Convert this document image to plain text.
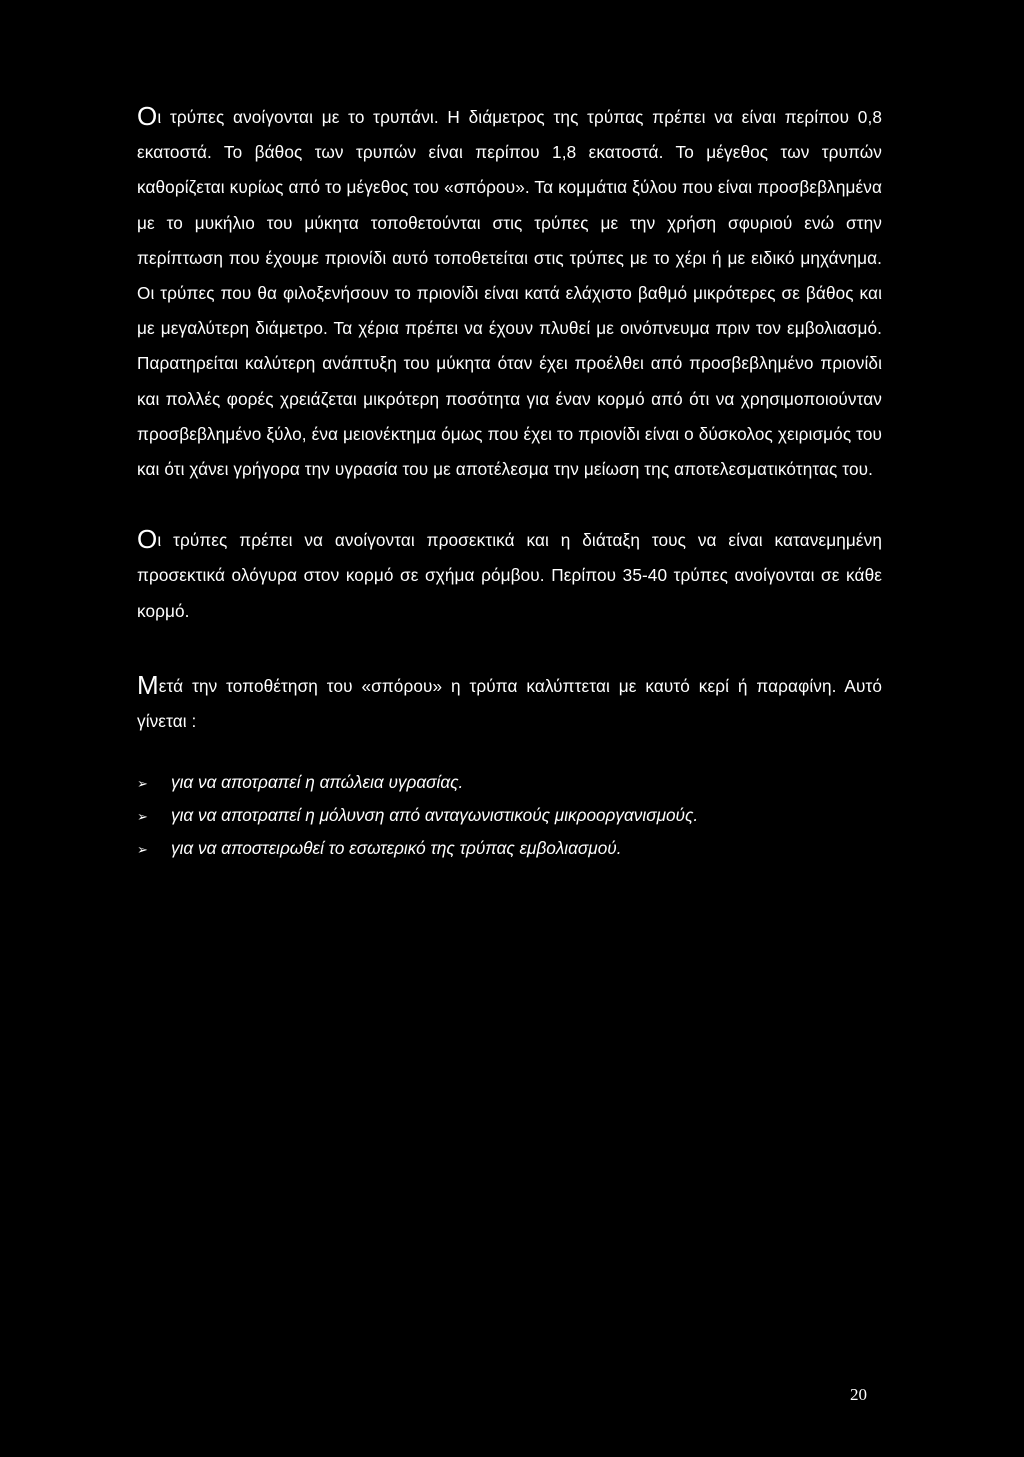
Οι τρύπες ανοίγονται με το τρυπάνι. Η διάμετρος της τρύπας πρέπει να είναι περίπου 0,8 εκατοστά. Το βάθος των τρυπών είναι περίπου 1,8 εκατοστά. Το μέγεθος των τρυπών καθορίζεται κυρίως από το μέγεθος του «σπόρου». Τα κομμάτια ξύλου που είναι προσβεβλημένα με το μυκήλιο του μύκητα τοποθετούνται στις τρύπες με την χρήση σφυριού ενώ στην περίπτωση που έχουμε πριονίδι αυτό τοποθετείται στις τρύπες με το χέρι ή με ειδικό μηχάνημα. Οι τρύπες που θα φιλοξενήσουν το πριονίδι είναι κατά ελάχιστο βαθμό μικρότερες σε βάθος και με μεγαλύτερη διάμετρο. Τα χέρια πρέπει να έχουν πλυθεί με οινόπνευμα πριν τον εμβολιασμό. Παρατηρείται καλύτερη ανάπτυξη του μύκητα όταν έχει προέλθει από προσβεβλημένο πριονίδι και πολλές φορές χρειάζεται μικρότερη ποσότητα για έναν κορμό από ότι να χρησιμοποιούνταν προσβεβλημένο ξύλο, ένα μειονέκτημα όμως που έχει το πριονίδι είναι ο δύσκολος χειρισμός του και ότι χάνει γρήγορα την υγρασία του με αποτέλεσμα την μείωση της αποτελεσματικότητας του.

Οι τρύπες πρέπει να ανοίγονται προσεκτικά και η διάταξη τους να είναι κατανεμημένη προσεκτικά ολόγυρα στον κορμό σε σχήμα ρόμβου. Περίπου 35-40 τρύπες ανοίγονται σε κάθε κορμό.

Μετά την τοποθέτηση του «σπόρου» η τρύπα καλύπτεται με καυτό κερί ή παραφίνη. Αυτό γίνεται :

➢	για να αποτραπεί η απώλεια υγρασίας.
➢	για να αποτραπεί η μόλυνση από ανταγωνιστικούς μικροοργανισμούς.
➢	για να αποστειρωθεί το εσωτερικό της τρύπας εμβολιασμού.
20
